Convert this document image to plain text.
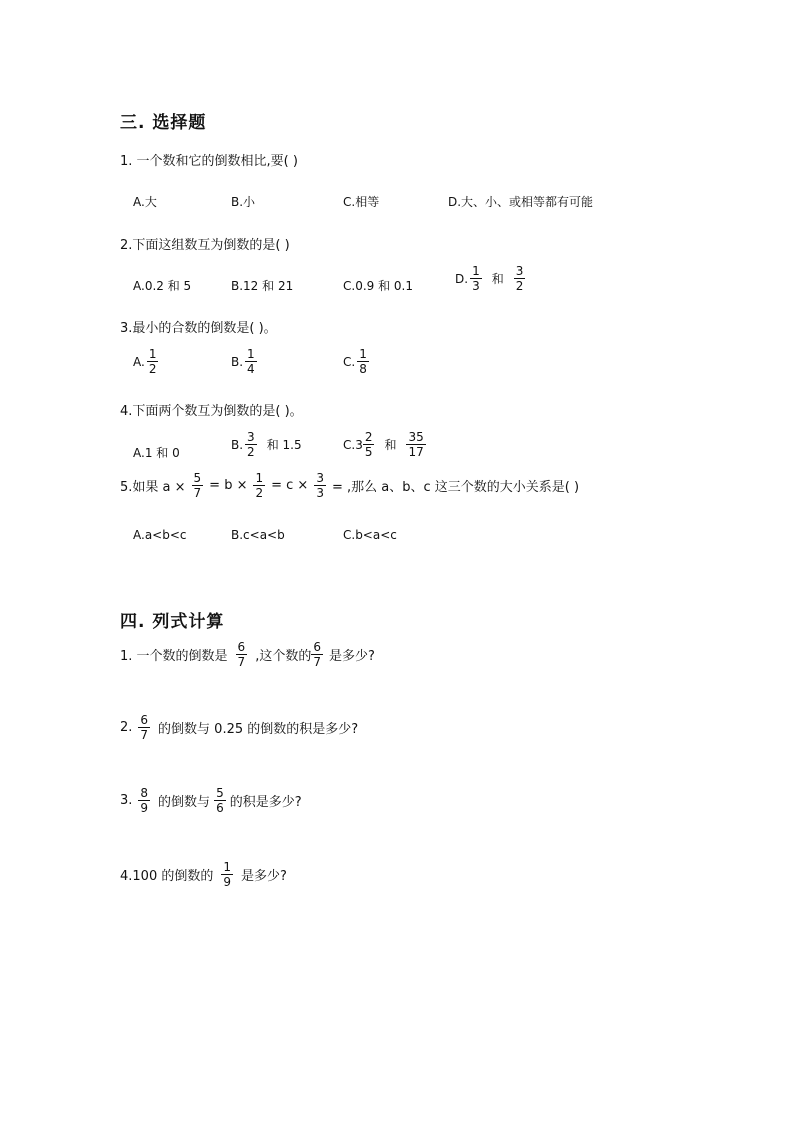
三. 选择题
1. 一个数和它的倒数相比,要( )
A.大	B.小	C.相等	D.大、小、或相等都有可能
2.下面这组数互为倒数的是( )
A.0.2 和 5	B.12 和 21	C.0.9 和 0.1
D. $\frac{1}{3}$ 和 $\frac{3}{2}$
3.最小的合数的倒数是( )。
A. $\frac{1}{2}$	B. $\frac{1}{4}$	C. $\frac{1}{8}$
4.下面两个数互为倒数的是( )。
A.1 和 0
B. $\frac{3}{2}$ 和 1.5	$C.3 \frac{2}{5}$ 和 $\frac{35}{17}$
5.如果 $a \times \frac{5}{7} = b \times \frac{1}{2} = c \times \frac{3}{3}$ = ,那么 a、b、c 这三个数的大小关系是( )
A.a<b<c	B.c<a<b	C.b<a<c
四. 列式计算
1. 一个数的倒数是 $\frac{6}{7}$ ,这个数的 $\frac{6}{7}$ 是多少?
2. $\frac{6}{7}$ 的倒数与 0.25 的倒数的积是多少?
3. $\frac{8}{9}$ 的倒数与 $\frac{5}{6}$ 的积是多少?
4.100 的倒数的 $\frac{1}{9}$ 是多少?
